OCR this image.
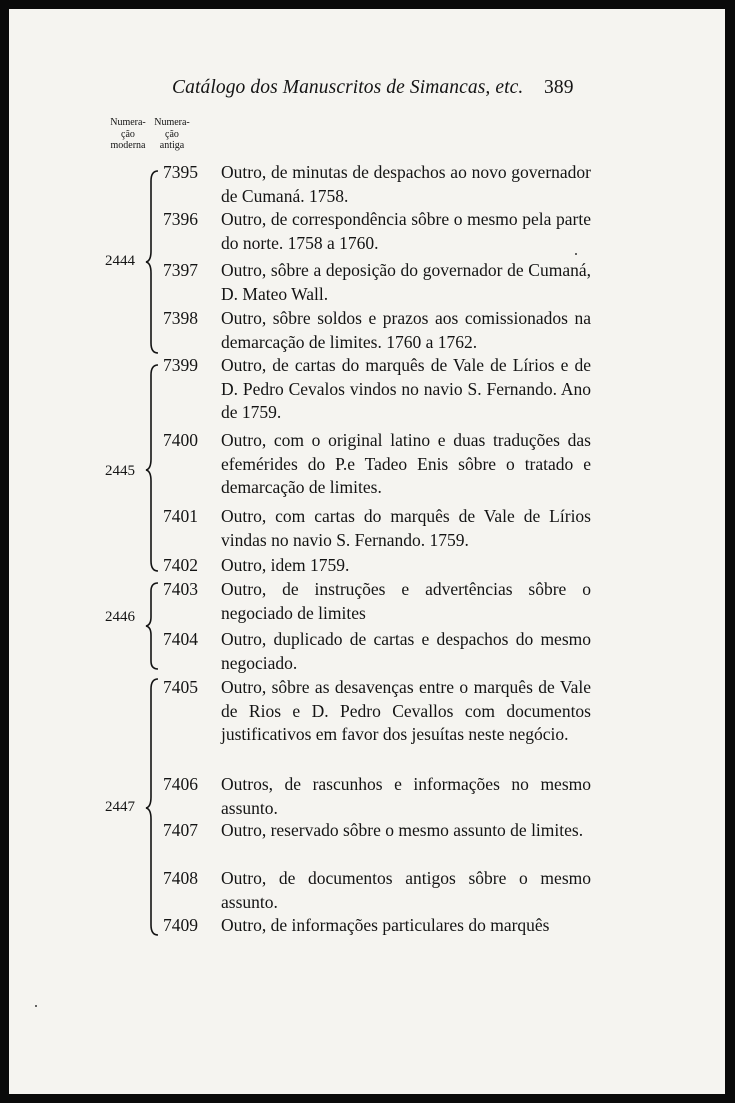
Catálogo dos Manuscritos de Simancas, etc. 389
Numera-
ção
moderna
Numera-
ção
antiga
2444
7395	Outro, de minutas de despachos ao novo governador de Cumaná. 1758.
7396	Outro, de correspondência sôbre o mesmo pela parte do norte. 1758 a 1760.
7397	Outro, sôbre a deposição do governador de Cumaná, D. Mateo Wall.
7398	Outro, sôbre soldos e prazos aos comissionados na demarcação de limites. 1760 a 1762.
2445
7399	Outro, de cartas do marquês de Vale de Lírios e de D. Pedro Cevalos vindos no navio S. Fernando. Ano de 1759.
7400	Outro, com o original latino e duas traduções das efemérides do P.e Tadeo Enis sôbre o tratado e demarcação de limites.
7401	Outro, com cartas do marquês de Vale de Lírios vindas no navio S. Fernando. 1759.
7402	Outro, idem 1759.
2446
7403	Outro, de instruções e advertências sôbre o negociado de limites
7404	Outro, duplicado de cartas e despachos do mesmo negociado.
2447
7405	Outro, sôbre as desavenças entre o marquês de Vale de Rios e D. Pedro Cevallos com documentos justificativos em favor dos jesuítas neste negócio.
7406	Outros, de rascunhos e informações no mesmo assunto.
7407	Outro, reservado sôbre o mesmo assunto de limites.
7408	Outro, de documentos antigos sôbre o mesmo assunto.
7409	Outro, de informações particulares do marquês
